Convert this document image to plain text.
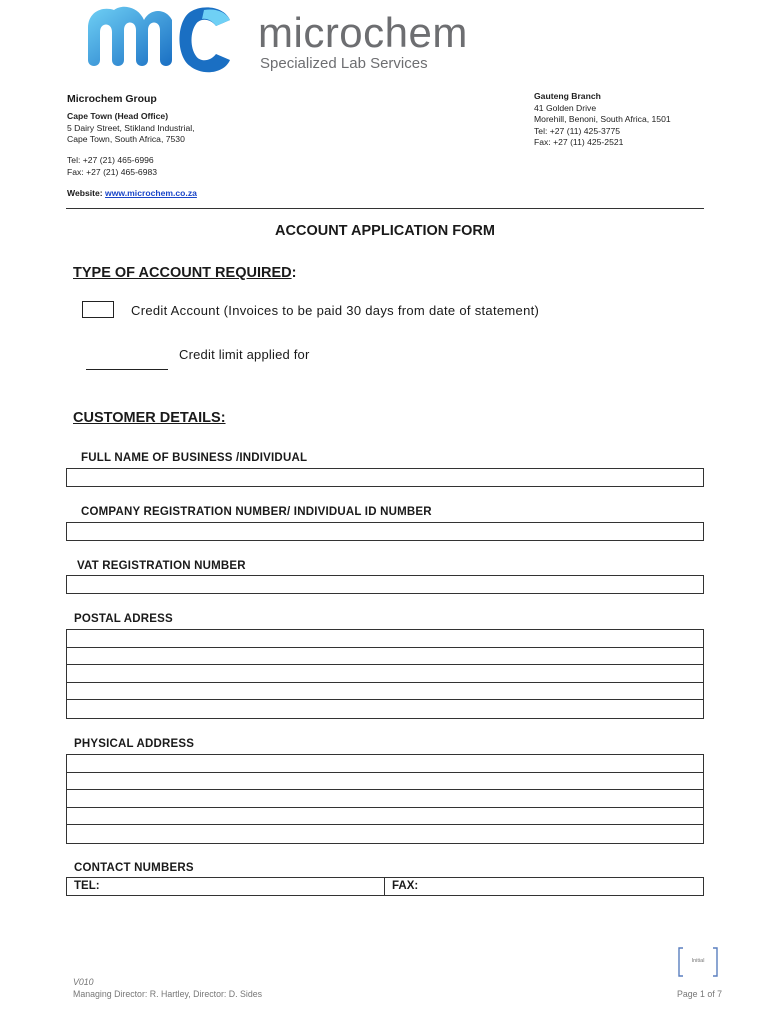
microchem
Specialized Lab Services
Microchem Group
Cape Town (Head Office)
5 Dairy Street, Stikland Industrial,
Cape Town, South Africa, 7530
Tel: +27 (21) 465-6996
Fax: +27 (21) 465-6983
Website: www.microchem.co.za
Gauteng Branch
41 Golden Drive
Morehill, Benoni, South Africa, 1501
Tel: +27 (11) 425-3775
Fax: +27 (11) 425-2521
ACCOUNT APPLICATION FORM
TYPE OF ACCOUNT REQUIRED:
Credit Account (Invoices to be paid 30 days from date of statement)
Credit limit applied for
CUSTOMER DETAILS:
FULL NAME OF BUSINESS /INDIVIDUAL
COMPANY REGISTRATION NUMBER/ INDIVIDUAL ID NUMBER
VAT REGISTRATION NUMBER
POSTAL ADRESS
PHYSICAL ADDRESS
CONTACT NUMBERS
TEL:	FAX:
Initial
V010
Managing Director: R. Hartley, Director: D. Sides	Page 1 of 7
